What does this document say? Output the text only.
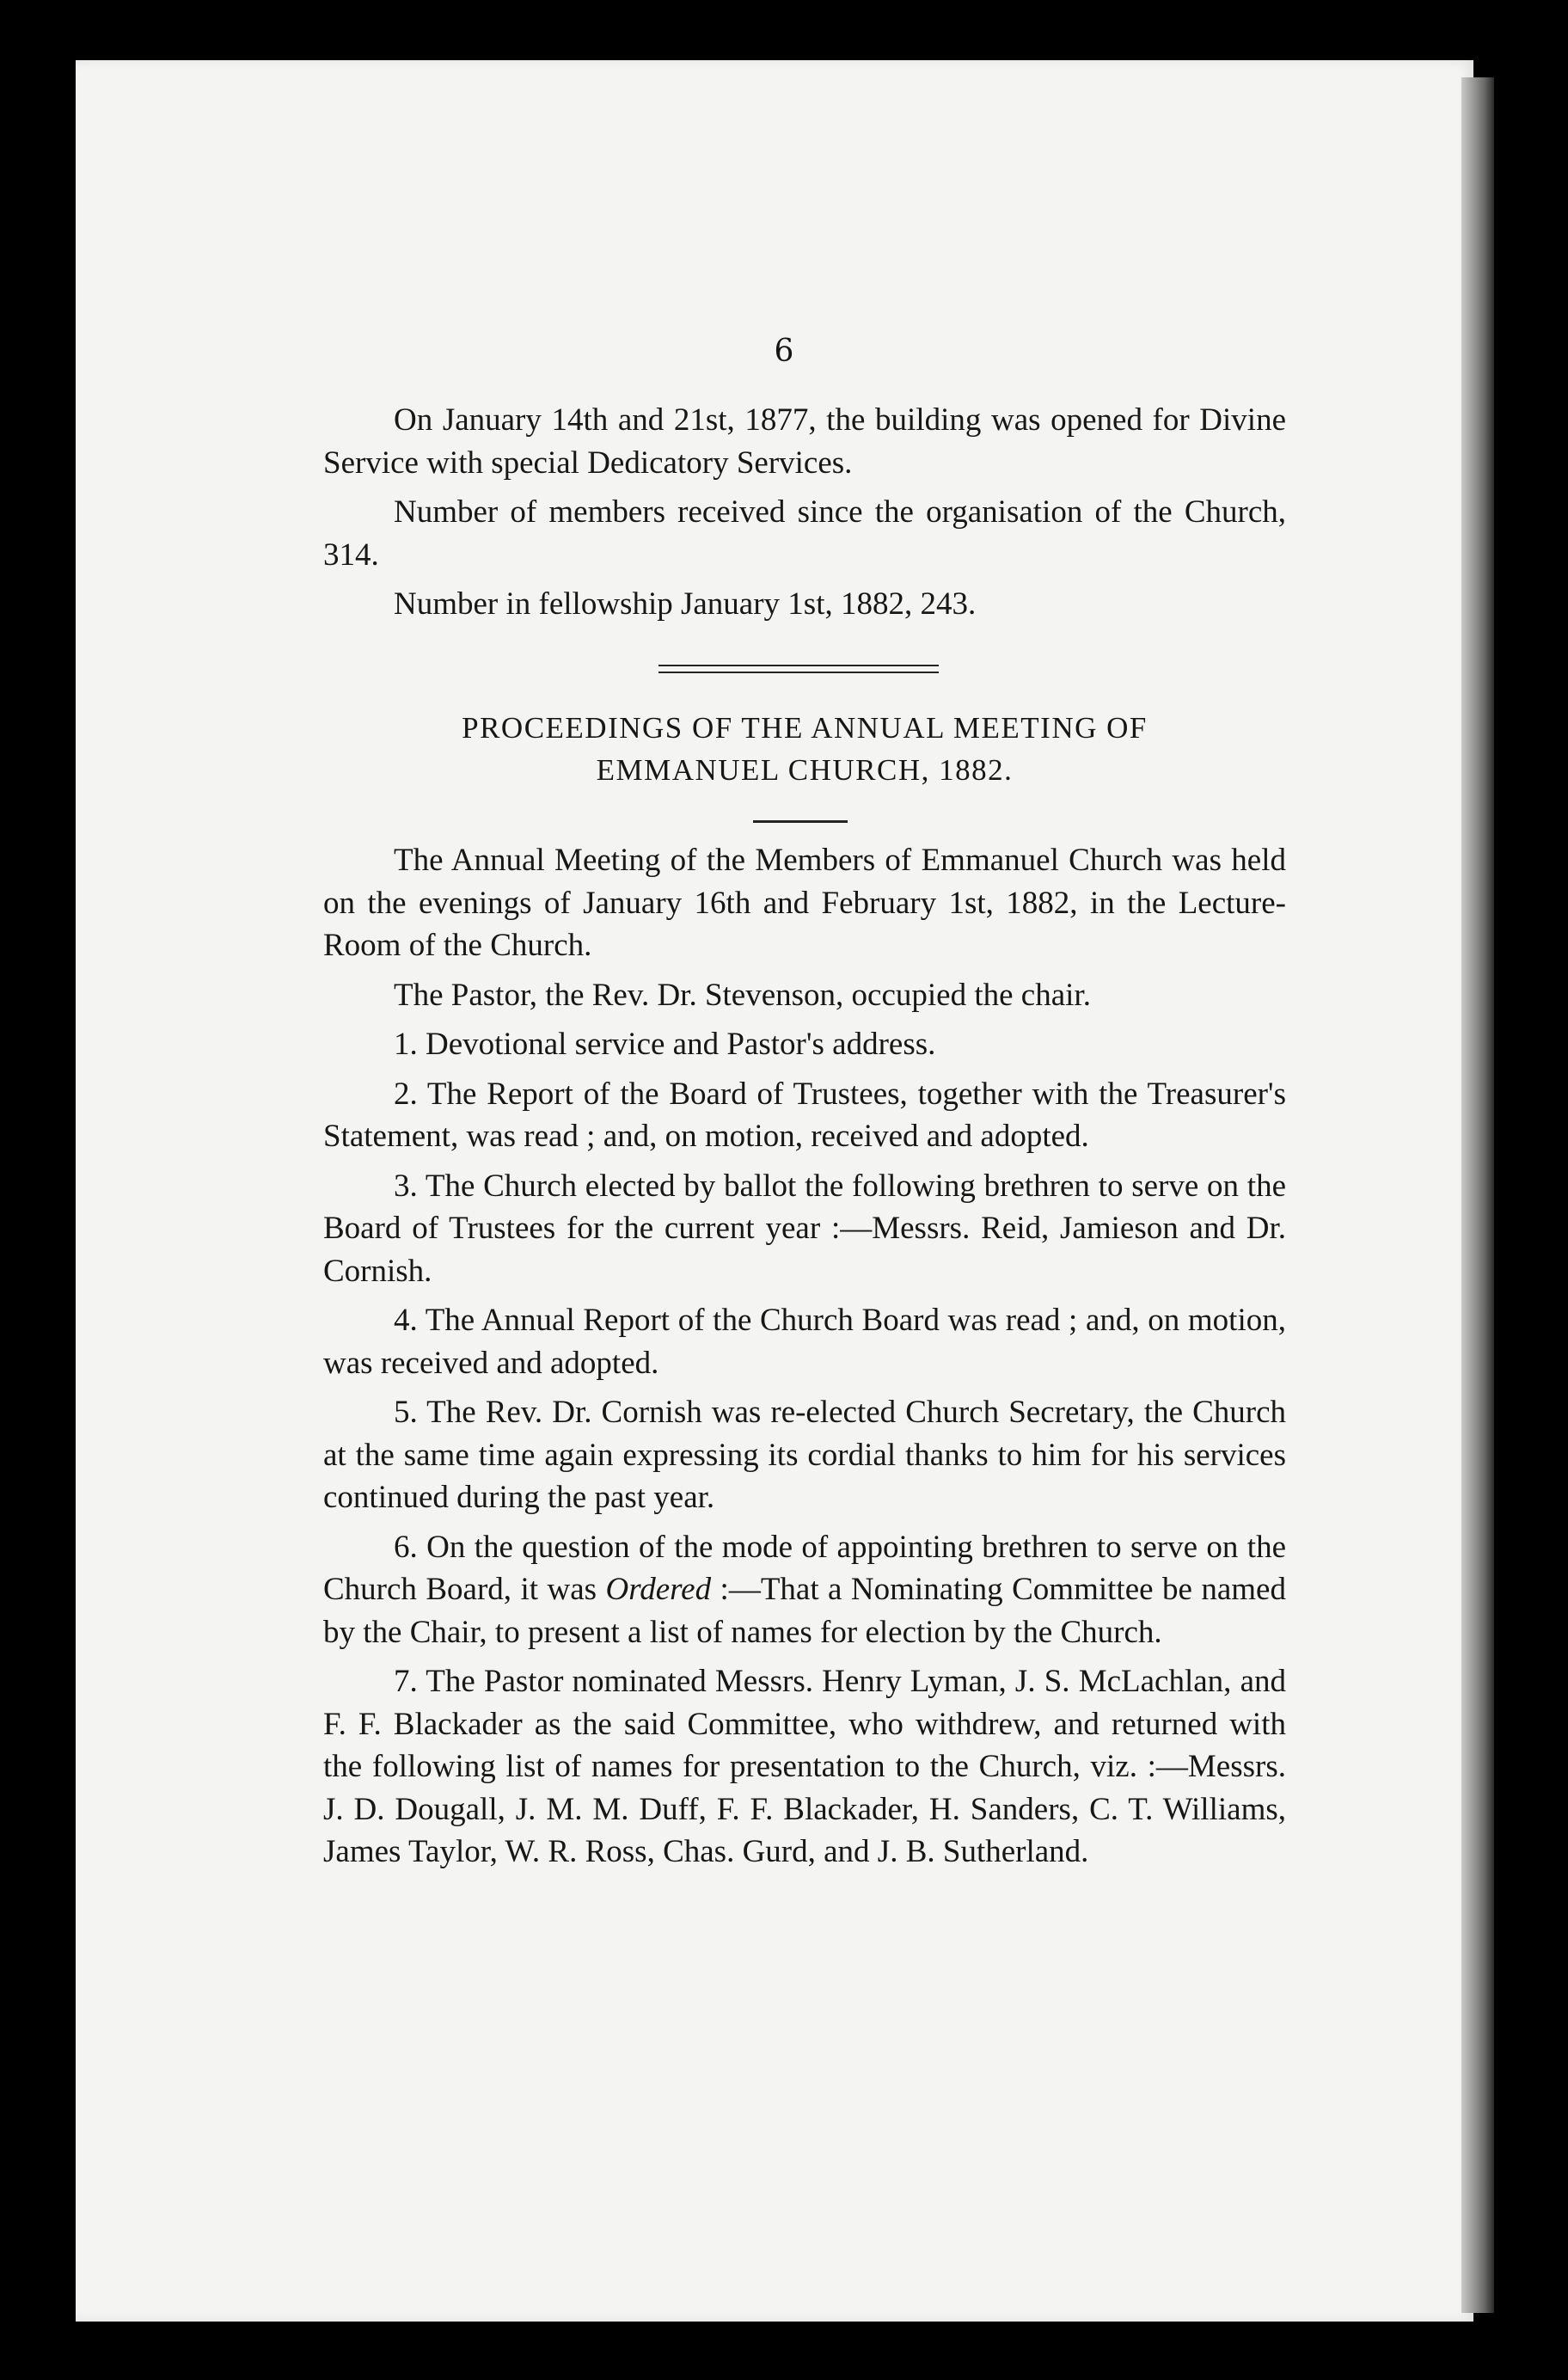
6

On January 14th and 21st, 1877, the building was opened for Divine Service with special Dedicatory Services.

Number of members received since the organisation of the Church, 314.

Number in fellowship January 1st, 1882, 243.

PROCEEDINGS OF THE ANNUAL MEETING OF
EMMANUEL CHURCH, 1882.

The Annual Meeting of the Members of Emmanuel Church was held on the evenings of January 16th and February 1st, 1882, in the Lecture-Room of the Church.

The Pastor, the Rev. Dr. Stevenson, occupied the chair.

1. Devotional service and Pastor's address.

2. The Report of the Board of Trustees, together with the Treasurer's Statement, was read ; and, on motion, received and adopted.

3. The Church elected by ballot the following brethren to serve on the Board of Trustees for the current year :—Messrs. Reid, Jamieson and Dr. Cornish.

4. The Annual Report of the Church Board was read ; and, on motion, was received and adopted.

5. The Rev. Dr. Cornish was re-elected Church Secretary, the Church at the same time again expressing its cordial thanks to him for his services continued during the past year.

6. On the question of the mode of appointing brethren to serve on the Church Board, it was Ordered :—That a Nominating Committee be named by the Chair, to present a list of names for election by the Church.

7. The Pastor nominated Messrs. Henry Lyman, J. S. McLachlan, and F. F. Blackader as the said Committee, who withdrew, and returned with the following list of names for presentation to the Church, viz. :—Messrs. J. D. Dougall, J. M. M. Duff, F. F. Blackader, H. Sanders, C. T. Williams, James Taylor, W. R. Ross, Chas. Gurd, and J. B. Sutherland.
